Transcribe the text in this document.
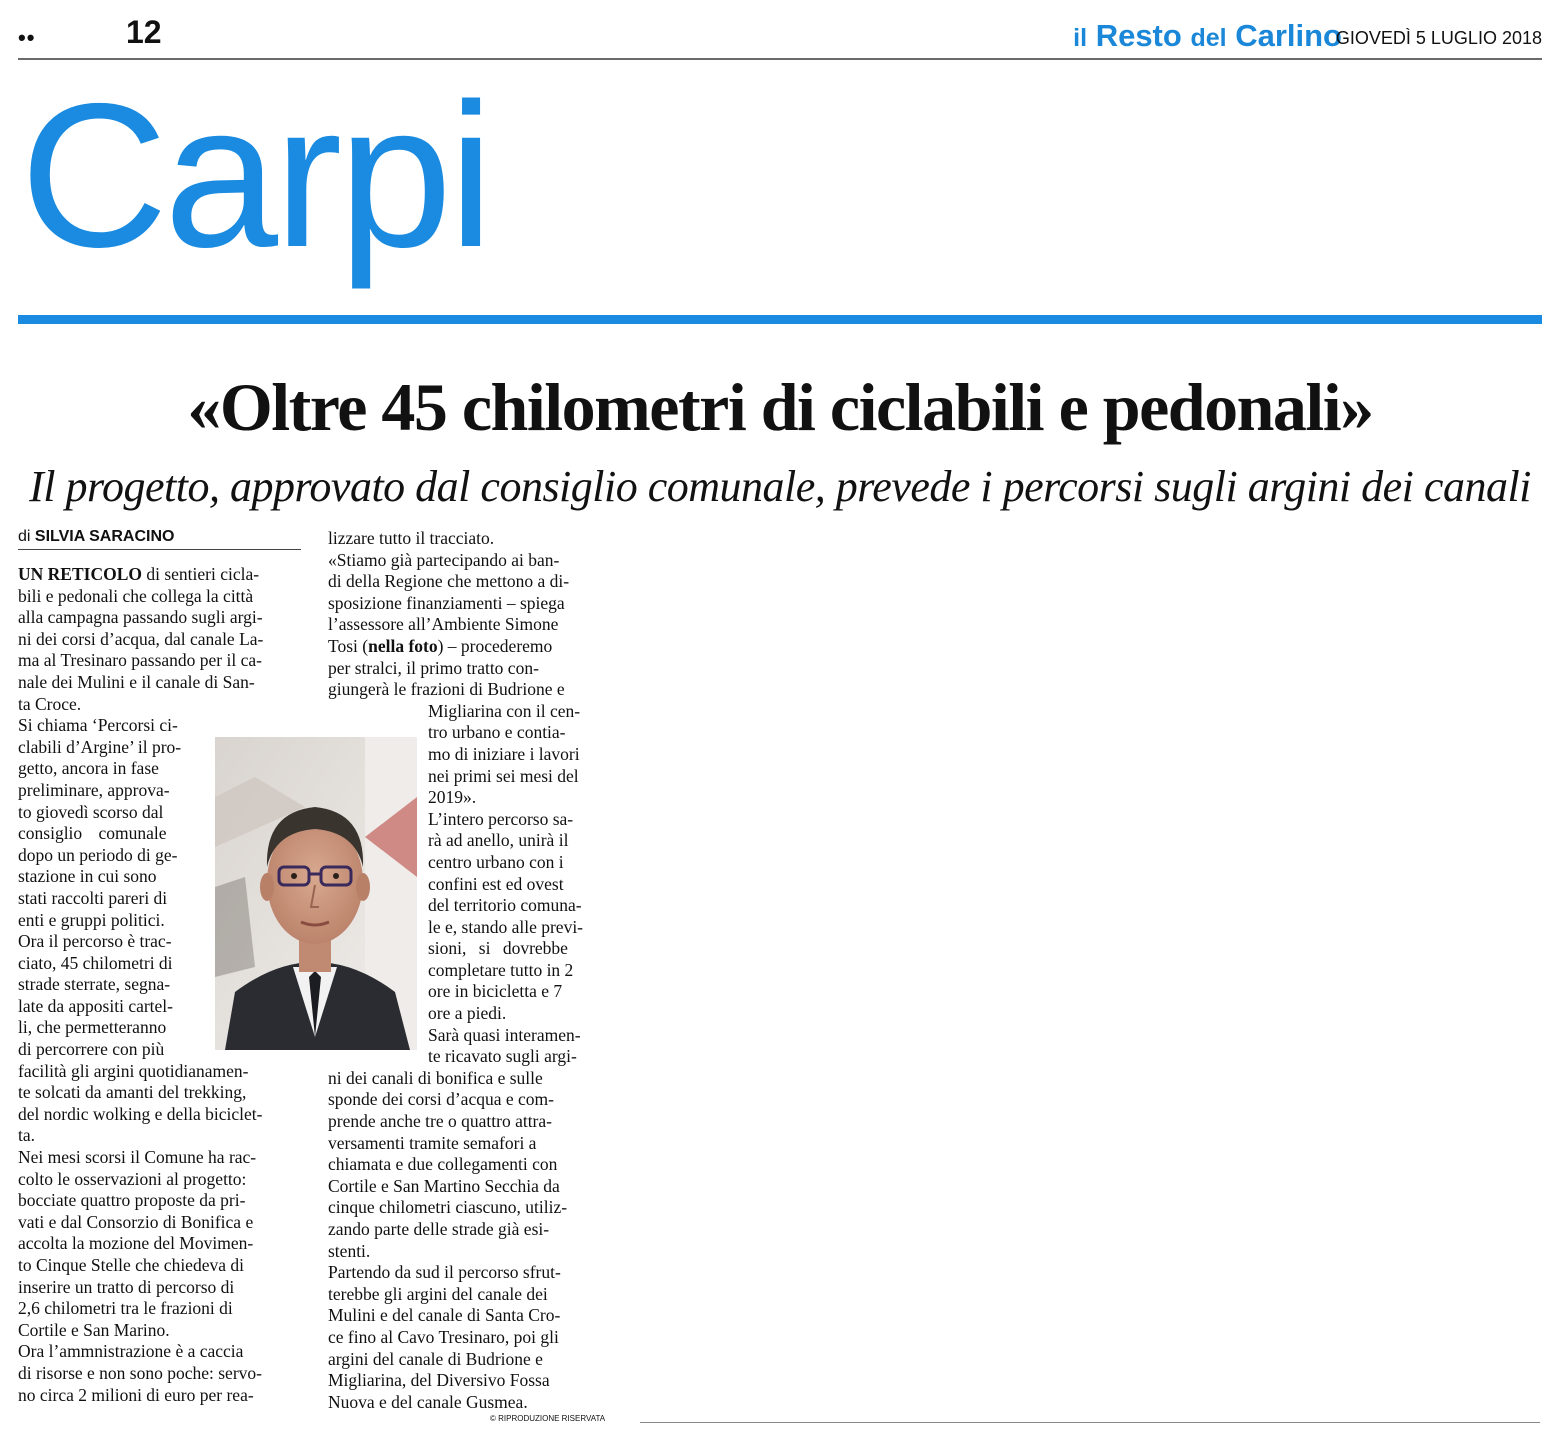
••	12	il Resto del Carlino
GIOVEDÌ 5 LUGLIO 2018
Carpi
«Oltre 45 chilometri di ciclabili e pedonali»
Il progetto, approvato dal consiglio comunale, prevede i percorsi sugli argini dei canali
di SILVIA SARACINO

UN RETICOLO di sentieri cicla-

bili e pedonali che collega la città

alla campagna passando sugli argi-

ni dei corsi d’acqua, dal canale La-

ma al Tresinaro passando per il ca-

nale dei Mulini e il canale di San-

ta Croce.

Si chiama ‘Percorsi ci-

clabili d’Argine’ il pro-

getto, ancora in fase

preliminare, approva-

to giovedì scorso dal

consiglio comunale

dopo un periodo di ge-

stazione in cui sono

stati raccolti pareri di

enti e gruppi politici.

Ora il percorso è trac-

ciato, 45 chilometri di

strade sterrate, segna-

late da appositi cartel-

li, che permetteranno

di percorrere con più

facilità gli argini quotidianamen-

te solcati da amanti del trekking,

del nordic wolking e della biciclet-

ta.

Nei mesi scorsi il Comune ha rac-

colto le osservazioni al progetto:

bocciate quattro proposte da pri-

vati e dal Consorzio di Bonifica e

accolta la mozione del Movimen-

to Cinque Stelle che chiedeva di

inserire un tratto di percorso di

2,6 chilometri tra le frazioni di

Cortile e San Marino.

Ora l’ammnistrazione è a caccia

di risorse e non sono poche: servo-

no circa 2 milioni di euro per rea-

lizzare tutto il tracciato.

«Stiamo già partecipando ai ban-

di della Regione che mettono a di-

sposizione finanziamenti – spiega

l’assessore all’Ambiente Simone

Tosi (nella foto) – procederemo

per stralci, il primo tratto con-

giungerà le frazioni di Budrione e

Migliarina con il cen-

tro urbano e contia-

mo di iniziare i lavori

nei primi sei mesi del

2019».

L’intero percorso sa-

rà ad anello, unirà il

centro urbano con i

confini est ed ovest

del territorio comuna-

le e, stando alle previ-

sioni, si dovrebbe

completare tutto in 2

ore in bicicletta e 7

ore a piedi.

Sarà quasi interamen-

te ricavato sugli argi-

ni dei canali di bonifica e sulle

sponde dei corsi d’acqua e com-

prende anche tre o quattro attra-

versamenti tramite semafori a

chiamata e due collegamenti con

Cortile e San Martino Secchia da

cinque chilometri ciascuno, utiliz-

zando parte delle strade già esi-

stenti.

Partendo da sud il percorso sfrut-

terebbe gli argini del canale dei

Mulini e del canale di Santa Cro-

ce fino al Cavo Tresinaro, poi gli

argini del canale di Budrione e

Migliarina, del Diversivo Fossa

Nuova e del canale Gusmea.

© RIPRODUZIONE RISERVATA
